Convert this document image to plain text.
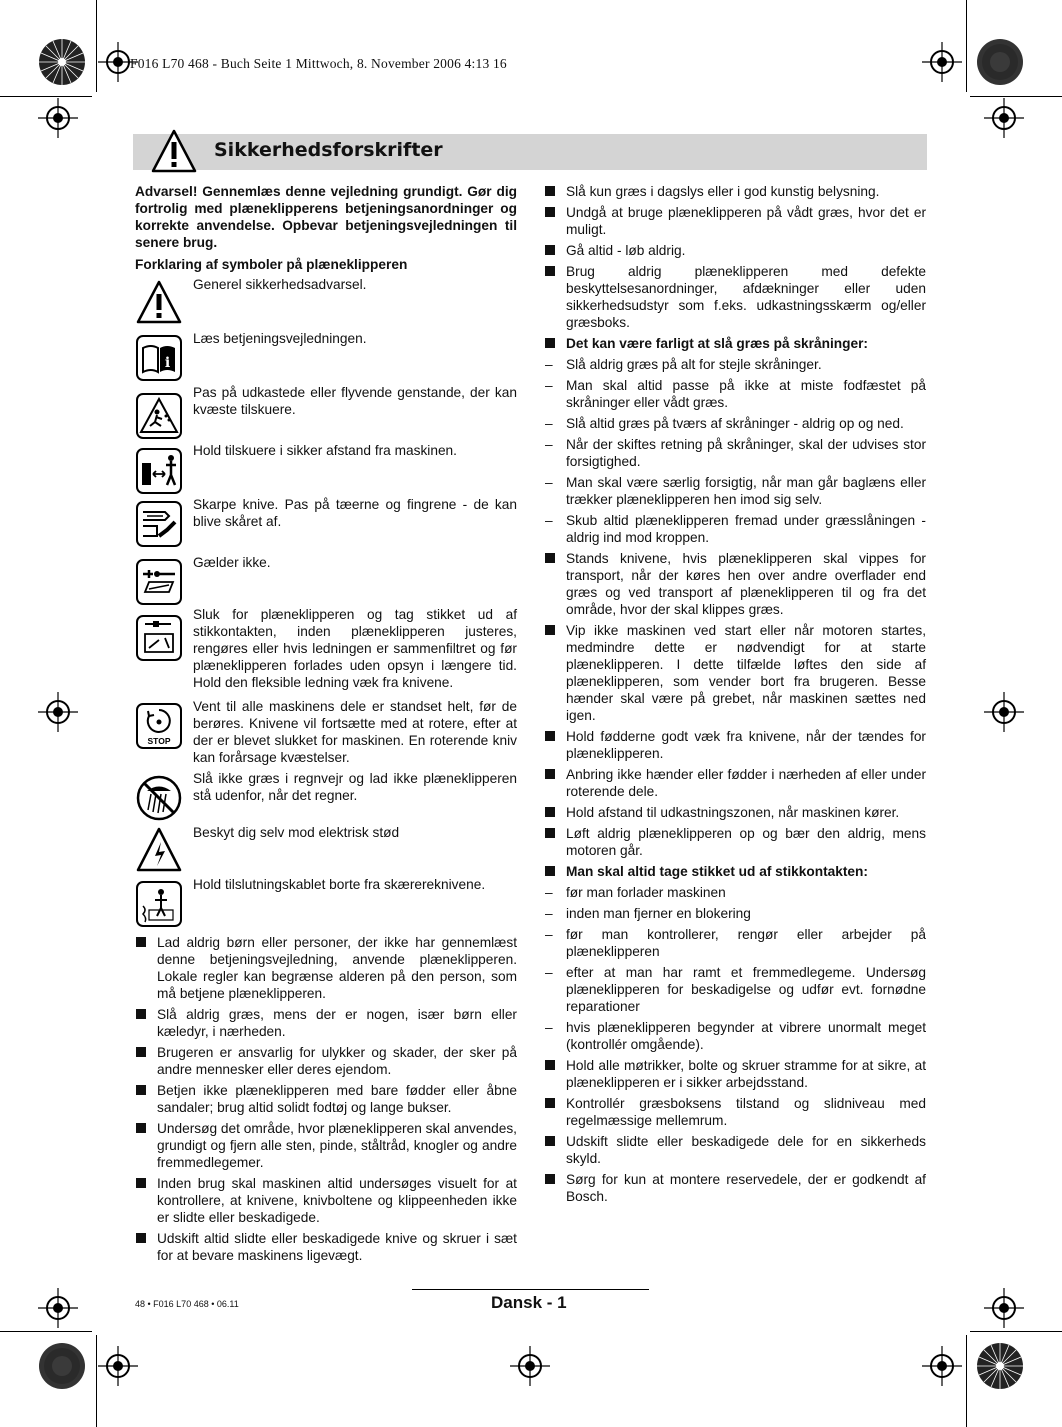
F016 L70 468 - Buch Seite 1 Mittwoch, 8. November 2006 4:13 16
Sikkerhedsforskrifter

Advarsel! Gennemlæs denne vejledning grundigt. Gør dig fortrolig med plæneklipperens betjeningsanordninger og korrekte anvendelse. Opbevar betjeningsvejledningen til senere brug.

Forklaring af symboler på plæneklipperen

Generel sikkerhedsadvarsel.
i
Læs betjeningsvejledningen.
Pas på udkastede eller flyvende genstande, der kan kvæste tilskuere.
Hold tilskuere i sikker afstand fra maskinen.
Skarpe knive. Pas på tæerne og fingrene - de kan blive skåret af.
Gælder ikke.
Sluk for plæneklipperen og tag stikket ud af stikkontakten, inden plæneklipperen justeres, rengøres eller hvis ledningen er sammenfiltret og før plæneklipperen forlades uden opsyn i længere tid. Hold den fleksible ledning væk fra knivene.
STOP
Vent til alle maskinens dele er standset helt, før de berøres. Knivene vil fortsætte med at rotere, efter at der er blevet slukket for maskinen. En roterende kniv kan forårsage kvæstelser.
Slå ikke græs i regnvejr og lad ikke plæneklipperen stå udenfor, når det regner.
Beskyt dig selv mod elektrisk stød
Hold tilslutningskablet borte fra skærereknivene.

Lad aldrig børn eller personer, der ikke har gennemlæst denne betjeningsvejledning, anvende plæneklipperen. Lokale regler kan begrænse alderen på den person, som må betjene plæneklipperen.

Slå aldrig græs, mens der er nogen, især børn eller kæledyr, i nærheden.

Brugeren er ansvarlig for ulykker og skader, der sker på andre mennesker eller deres ejendom.

Betjen ikke plæneklipperen med bare fødder eller åbne sandaler; brug altid solidt fodtøj og lange bukser.

Undersøg det område, hvor plæneklipperen skal anvendes, grundigt og fjern alle sten, pinde, ståltråd, knogler og andre fremmedlegemer.

Inden brug skal maskinen altid undersøges visuelt for at kontrollere, at knivene, knivboltene og klippeenheden ikke er slidte eller beskadigede.

Udskift altid slidte eller beskadigede knive og skruer i sæt for at bevare maskinens ligevægt.

Slå kun græs i dagslys eller i god kunstig belysning.

Undgå at bruge plæneklipperen på vådt græs, hvor det er muligt.

Gå altid - løb aldrig.

Brug aldrig plæneklipperen med defekte beskyttelsesanordninger, afdækninger eller uden sikkerhedsudstyr som f.eks. udkastningsskærm og/eller græsboks.

Det kan være farligt at slå græs på skråninger:

– Slå aldrig græs på alt for stejle skråninger.

– Man skal altid passe på ikke at miste fodfæstet på skråninger eller vådt græs.

– Slå altid græs på tværs af skråninger - aldrig op og ned.

– Når der skiftes retning på skråninger, skal der udvises stor forsigtighed.

– Man skal være særlig forsigtig, når man går baglæns eller trækker plæneklipperen hen imod sig selv.

– Skub altid plæneklipperen fremad under græsslåningen - aldrig ind mod kroppen.

Stands knivene, hvis plæneklipperen skal vippes for transport, når der køres hen over andre overflader end græs og ved transport af plæneklipperen til og fra det område, hvor der skal klippes græs.

Vip ikke maskinen ved start eller når motoren startes, medmindre dette er nødvendigt for at starte plæneklipperen. I dette tilfælde løftes den side af plæneklipperen, som vender bort fra brugeren. Besse hænder skal være på grebet, når maskinen sættes ned igen.

Hold fødderne godt væk fra knivene, når der tændes for plæneklipperen.

Anbring ikke hænder eller fødder i nærheden af eller under roterende dele.

Hold afstand til udkastningszonen, når maskinen kører.

Løft aldrig plæneklipperen op og bær den aldrig, mens motoren går.

Man skal altid tage stikket ud af stikkontakten:

– før man forlader maskinen

– inden man fjerner en blokering

– før man kontrollerer, rengør eller arbejder på plæneklipperen

– efter at man har ramt et fremmedlegeme. Undersøg plæneklipperen for beskadigelse og udfør evt. fornødne reparationer

– hvis plæneklipperen begynder at vibrere unormalt meget (kontrollér omgående).

Hold alle møtrikker, bolte og skruer stramme for at sikre, at plæneklipperen er i sikker arbejdsstand.

Kontrollér græsboksens tilstand og slidniveau med regelmæssige mellemrum.

Udskift slidte eller beskadigede dele for en sikkerheds skyld.

Sørg for kun at montere reservedele, der er godkendt af Bosch.

48 • F016 L70 468 • 06.11	Dansk - 1
